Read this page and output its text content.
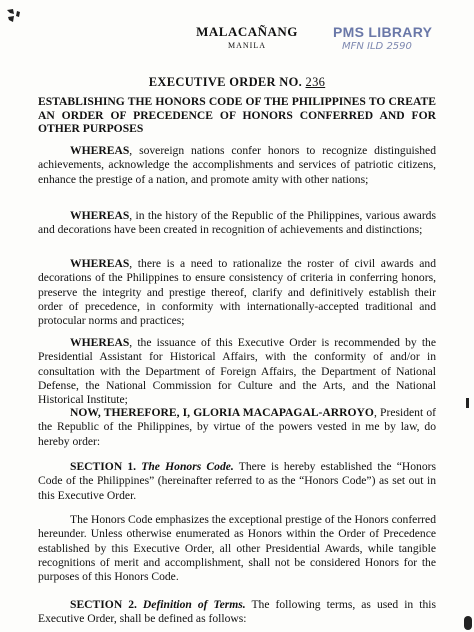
MALACAÑANG
MANILA
PMS LIBRARY
MFN ILD 2590
EXECUTIVE ORDER NO. 236
ESTABLISHING THE HONORS CODE OF THE PHILIPPINES TO CREATE AN ORDER OF PRECEDENCE OF HONORS CONFERRED AND FOR OTHER PURPOSES
WHEREAS, sovereign nations confer honors to recognize distinguished achievements, acknowledge the accomplishments and services of patriotic citizens, enhance the prestige of a nation, and promote amity with other nations;
WHEREAS, in the history of the Republic of the Philippines, various awards and decorations have been created in recognition of achievements and distinctions;
WHEREAS, there is a need to rationalize the roster of civil awards and decorations of the Philippines to ensure consistency of criteria in conferring honors, preserve the integrity and prestige thereof, clarify and definitively establish their order of precedence, in conformity with internationally-accepted traditional and protocular norms and practices;
WHEREAS, the issuance of this Executive Order is recommended by the Presidential Assistant for Historical Affairs, with the conformity of and/or in consultation with the Department of Foreign Affairs, the Department of National Defense, the National Commission for Culture and the Arts, and the National Historical Institute;
NOW, THEREFORE, I, GLORIA MACAPAGAL-ARROYO, President of the Republic of the Philippines, by virtue of the powers vested in me by law, do hereby order:
SECTION 1. The Honors Code. There is hereby established the “Honors Code of the Philippines” (hereinafter referred to as the “Honors Code”) as set out in this Executive Order.
The Honors Code emphasizes the exceptional prestige of the Honors conferred hereunder. Unless otherwise enumerated as Honors within the Order of Precedence established by this Executive Order, all other Presidential Awards, while tangible recognitions of merit and accomplishment, shall not be considered Honors for the purposes of this Honors Code.
SECTION 2. Definition of Terms. The following terms, as used in this Executive Order, shall be defined as follows:
